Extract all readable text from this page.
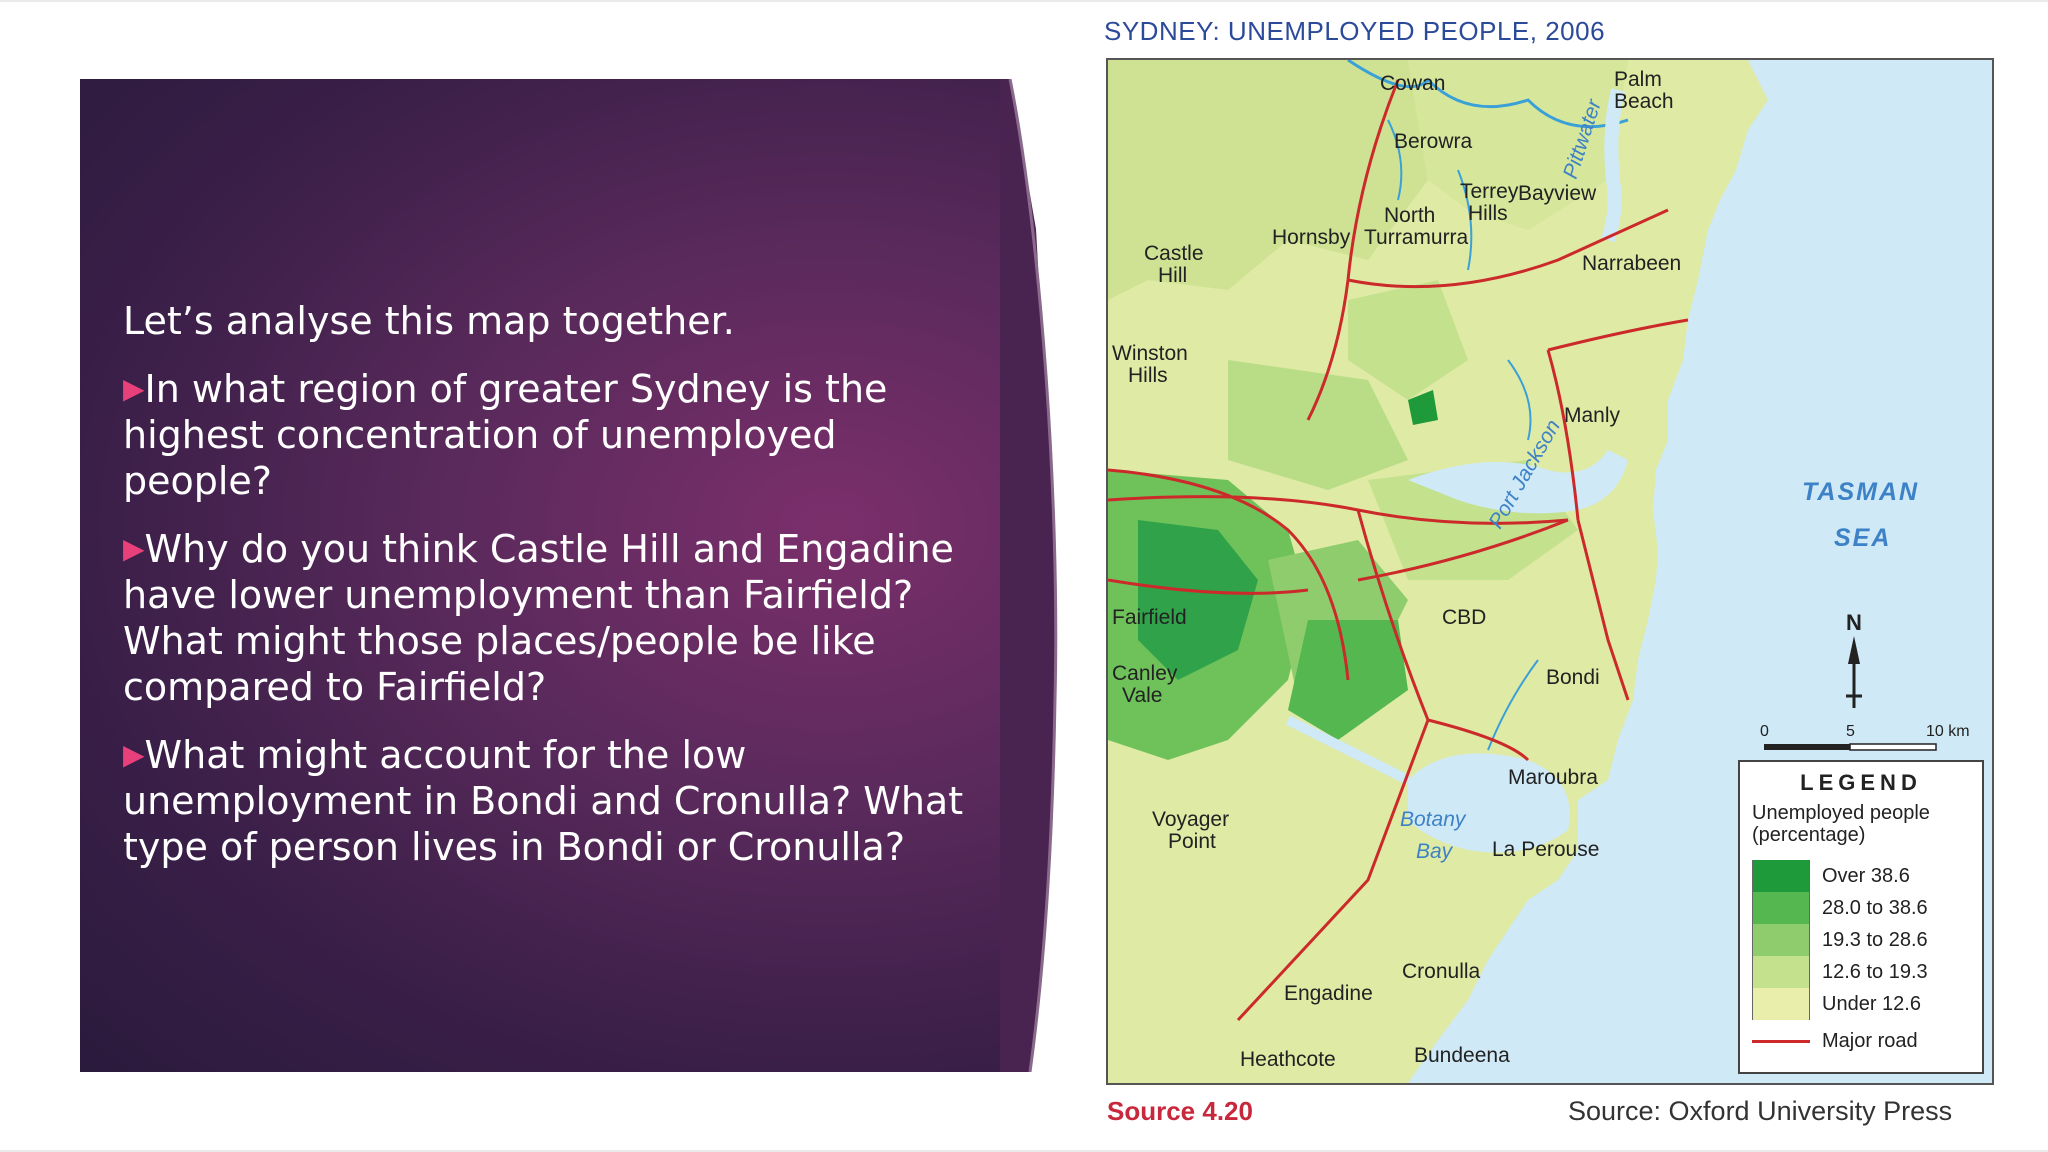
Let’s analyse this map together.

▶In what region of greater Sydney is the highest concentration of unemployed people?

▶Why do you think Castle Hill and Engadine have lower unemployment than Fairfield? What might those places/people be like compared to Fairfield?

▶What might account for the low unemployment in Bondi and Cronulla? What type of person lives in Bondi or Cronulla?

SYDNEY: UNEMPLOYED PEOPLE, 2006
Cowan	Palm
Beach
Berowra	Pittwater
Terrey
Hills
Bayview
North
Turramurra
Hornsby
Castle
Hill
Narrabeen
Winston
Hills
Manly
Port Jackson
CBD
Fairfield
Canley
Vale
Bondi
Maroubra
Voyager
Point	La Perouse
Cronulla
Engadine
Heathcote	Bundeena
Botany
Bay
TASMAN
SEA
N
0	5	10 km
LEGEND
Unemployed people
(percentage)
Over 38.6
28.0 to 38.6
19.3 to 28.6
12.6 to 19.3
Under 12.6
Major road
Source 4.20	Source: Oxford University Press
